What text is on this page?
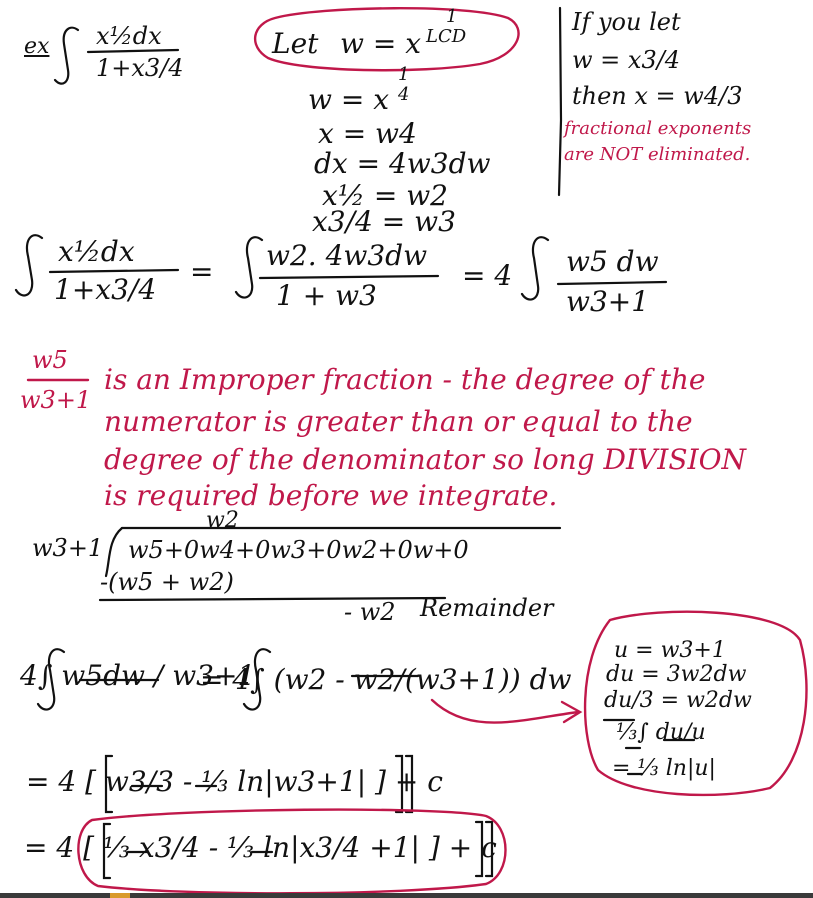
ex x½dx
1+x3/4
Let w = x
1
LCD
w = x
1
4
x = w4
dx = 4w3dw
x½ = w2
x3/4 = w3
If you let
w = x3/4
then x = w4/3
fractional exponents
are NOT eliminated.
x½dx
1+x3/4
= w2. 4w3dw
1 + w3
= 4 w5 dw
w3+1
w5
w3+1
is an Improper fraction - the degree of the
numerator is greater than or equal to the
degree of the denominator so long DIVISION
is required before we integrate.
w2
w3+1 w5+0w4+0w3+0w2+0w+0
-(w5 + w2)
- w2 Remainder
4∫ w5dw / w3+1
= 4∫ (w2 - w2/(w3+1)) dw
= 4 [ w3/3 - ⅓ ln|w3+1| ] + c
= 4 [ ⅓ x3/4 - ⅓ ln|x3/4 +1| ] + c
u = w3+1
du = 3w2dw
du/3 = w2dw
⅓∫ du/u
= ⅓ ln|u|
